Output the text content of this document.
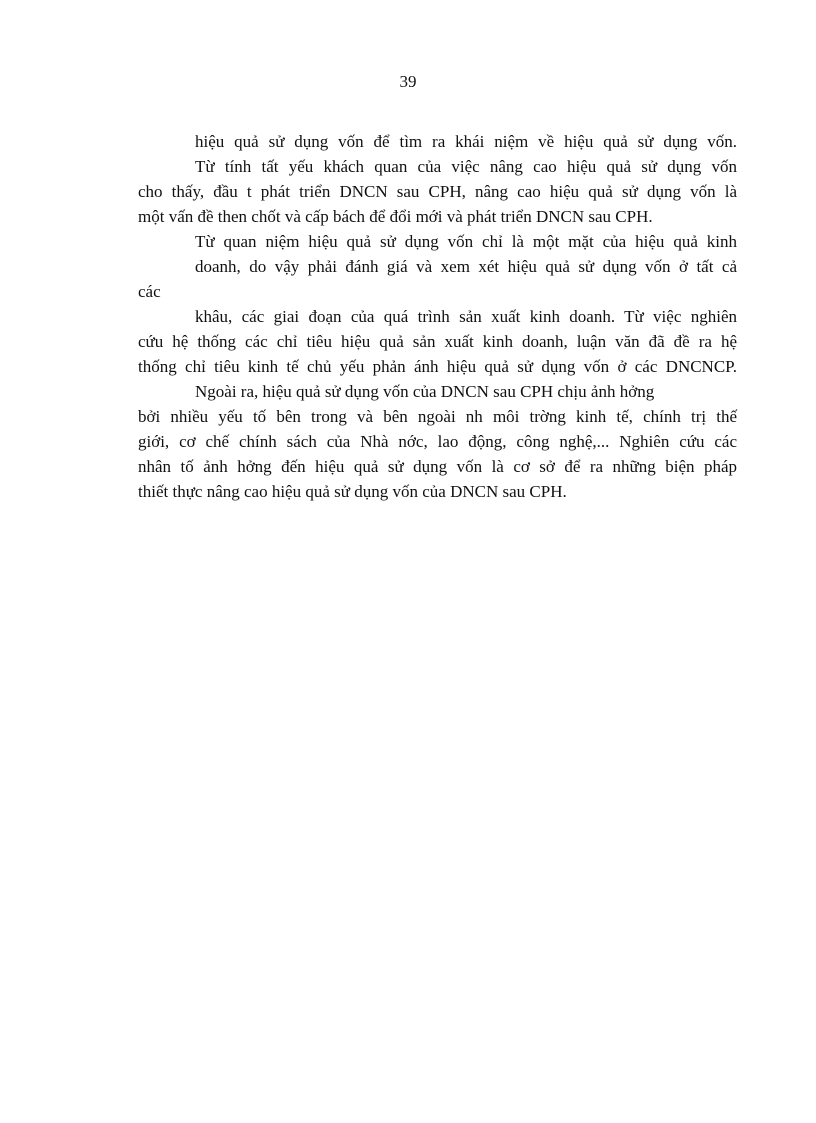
39
hiệu quả sử dụng vốn để tìm ra khái niệm về hiệu quả sử dụng vốn.
Từ tính tất yếu khách quan của việc nâng cao hiệu quả sử dụng vốn
cho thấy, đầu t phát triển DNCN sau CPH, nâng cao hiệu quả sử dụng vốn là
một vấn đề then chốt và cấp bách để đổi mới và phát triển DNCN sau CPH.
Từ quan niệm hiệu quả sử dụng vốn chỉ là một mặt của hiệu quả kinh
doanh, do vậy phải đánh giá và xem xét hiệu quả sử dụng vốn ở tất cả
các
khâu, các giai đoạn của quá trình sản xuất kinh doanh. Từ việc nghiên
cứu hệ thống các chỉ tiêu hiệu quả sản xuất kinh doanh, luận văn đã đề ra hệ
thống chỉ tiêu kinh tế chủ yếu phản ánh hiệu quả sử dụng vốn ở các DNCNCP.
Ngoài ra, hiệu quả sử dụng vốn của DNCN sau CPH chịu ảnh hởng
bởi nhiều yếu tố bên trong và bên ngoài nh môi trờng kinh tế, chính trị thế
giới, cơ chế chính sách của Nhà nớc, lao động, công nghệ,... Nghiên cứu các
nhân tố ảnh hởng đến hiệu quả sử dụng vốn là cơ sở để ra những biện pháp
thiết thực nâng cao hiệu quả sử dụng vốn của DNCN sau CPH.
